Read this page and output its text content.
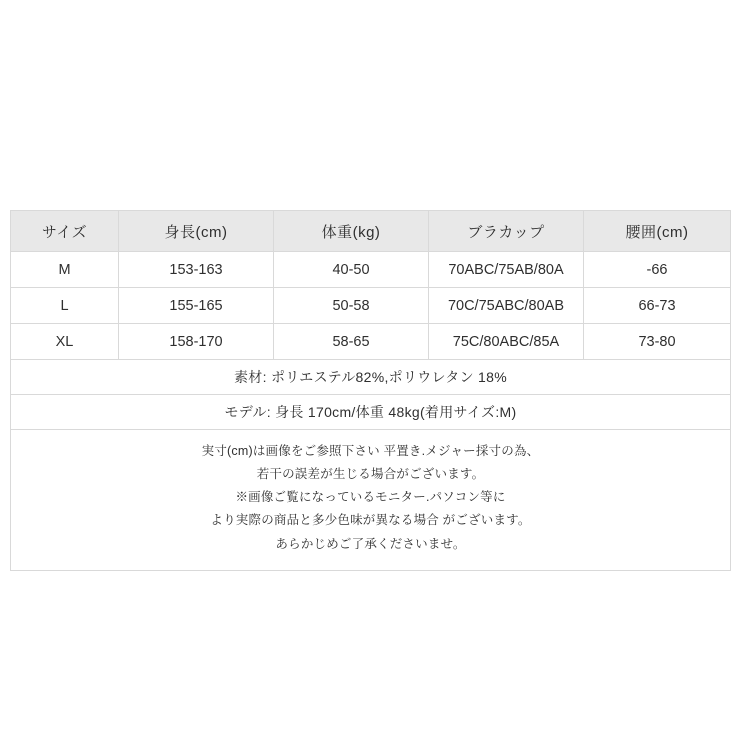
サイズ	身長(cm)	体重(kg)	ブラカップ	腰囲(cm)
M	153-163	40-50	70ABC/75AB/80A	-66
L	155-165	50-58	70C/75ABC/80AB	66-73
XL	158-170	58-65	75C/80ABC/85A	73-80
素材: ポリエステル82%,ポリウレタン 18%				
モデル: 身長 170cm/体重 48kg(着用サイズ:M)				

実寸(cm)は画像をご参照下さい 平置き.メジャー採寸の為、
若干の誤差が生じる場合がございます。
※画像ご覧になっているモニター.パソコン等に
より実際の商品と多少色味が異なる場合 がございます。
あらかじめご了承くださいませ。				
